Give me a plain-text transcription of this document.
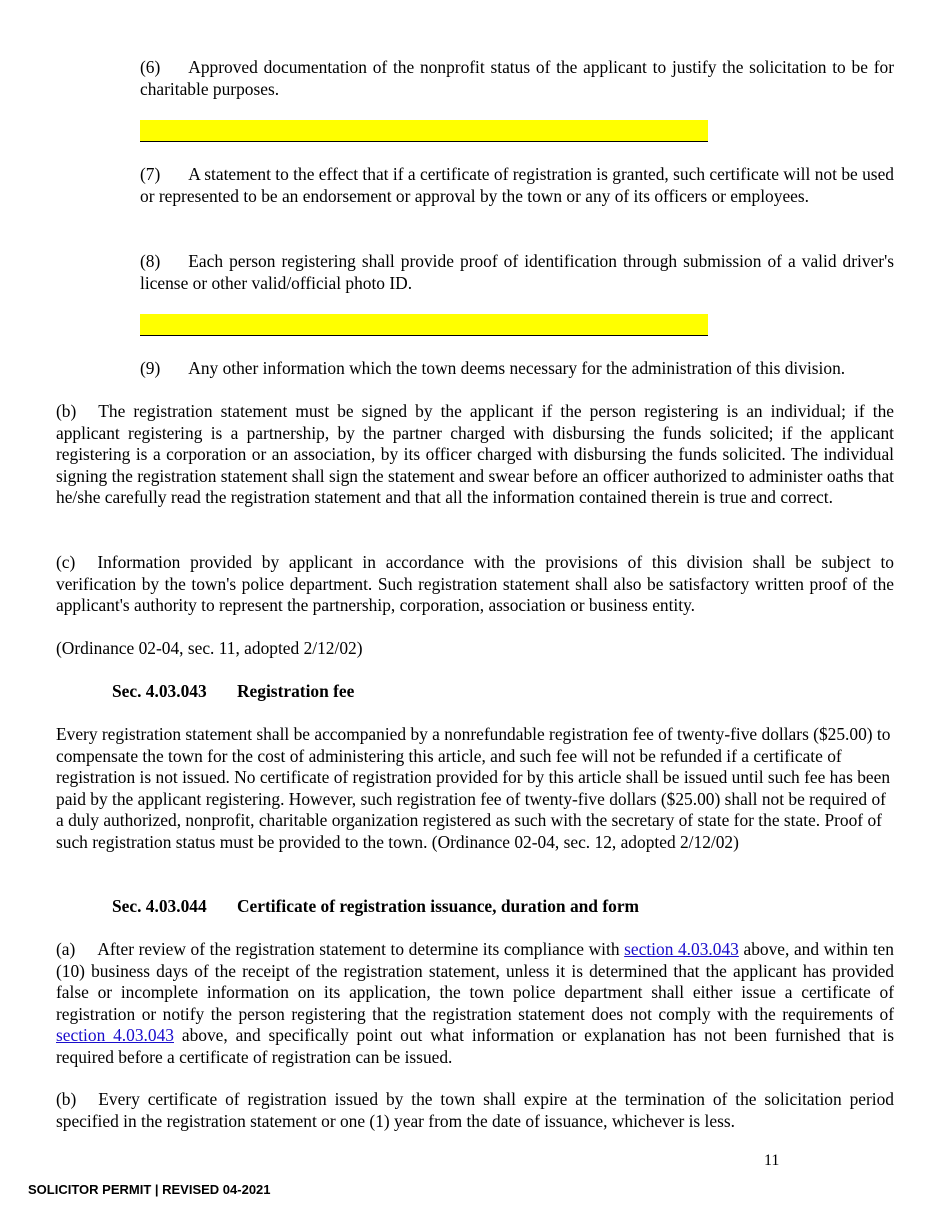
(6) Approved documentation of the nonprofit status of the applicant to justify the solicitation to be for charitable purposes.

(7) A statement to the effect that if a certificate of registration is granted, such certificate will not be used or represented to be an endorsement or approval by the town or any of its officers or employees.

(8) Each person registering shall provide proof of identification through submission of a valid driver's license or other valid/official photo ID.

(9) Any other information which the town deems necessary for the administration of this division.

(b) The registration statement must be signed by the applicant if the person registering is an individual; if the applicant registering is a partnership, by the partner charged with disbursing the funds solicited; if the applicant registering is a corporation or an association, by its officer charged with disbursing the funds solicited. The individual signing the registration statement shall sign the statement and swear before an officer authorized to administer oaths that he/she carefully read the registration statement and that all the information contained therein is true and correct.

(c) Information provided by applicant in accordance with the provisions of this division shall be subject to verification by the town's police department. Such registration statement shall also be satisfactory written proof of the applicant's authority to represent the partnership, corporation, association or business entity.

(Ordinance 02-04, sec. 11, adopted 2/12/02)

Sec. 4.03.043 Registration fee

Every registration statement shall be accompanied by a nonrefundable registration fee of twenty-five dollars ($25.00) to compensate the town for the cost of administering this article, and such fee will not be refunded if a certificate of registration is not issued. No certificate of registration provided for by this article shall be issued until such fee has been paid by the applicant registering. However, such registration fee of twenty-five dollars ($25.00) shall not be required of a duly authorized, nonprofit, charitable organization registered as such with the secretary of state for the state. Proof of such registration status must be provided to the town. (Ordinance 02-04, sec. 12, adopted 2/12/02)

Sec. 4.03.044 Certificate of registration issuance, duration and form

(a) After review of the registration statement to determine its compliance with section 4.03.043 above, and within ten (10) business days of the receipt of the registration statement, unless it is determined that the applicant has provided false or incomplete information on its application, the town police department shall either issue a certificate of registration or notify the person registering that the registration statement does not comply with the requirements of section 4.03.043 above, and specifically point out what information or explanation has not been furnished that is required before a certificate of registration can be issued.

(b) Every certificate of registration issued by the town shall expire at the termination of the solicitation period specified in the registration statement or one (1) year from the date of issuance, whichever is less.

11
SOLICITOR PERMIT | REVISED 04-2021
